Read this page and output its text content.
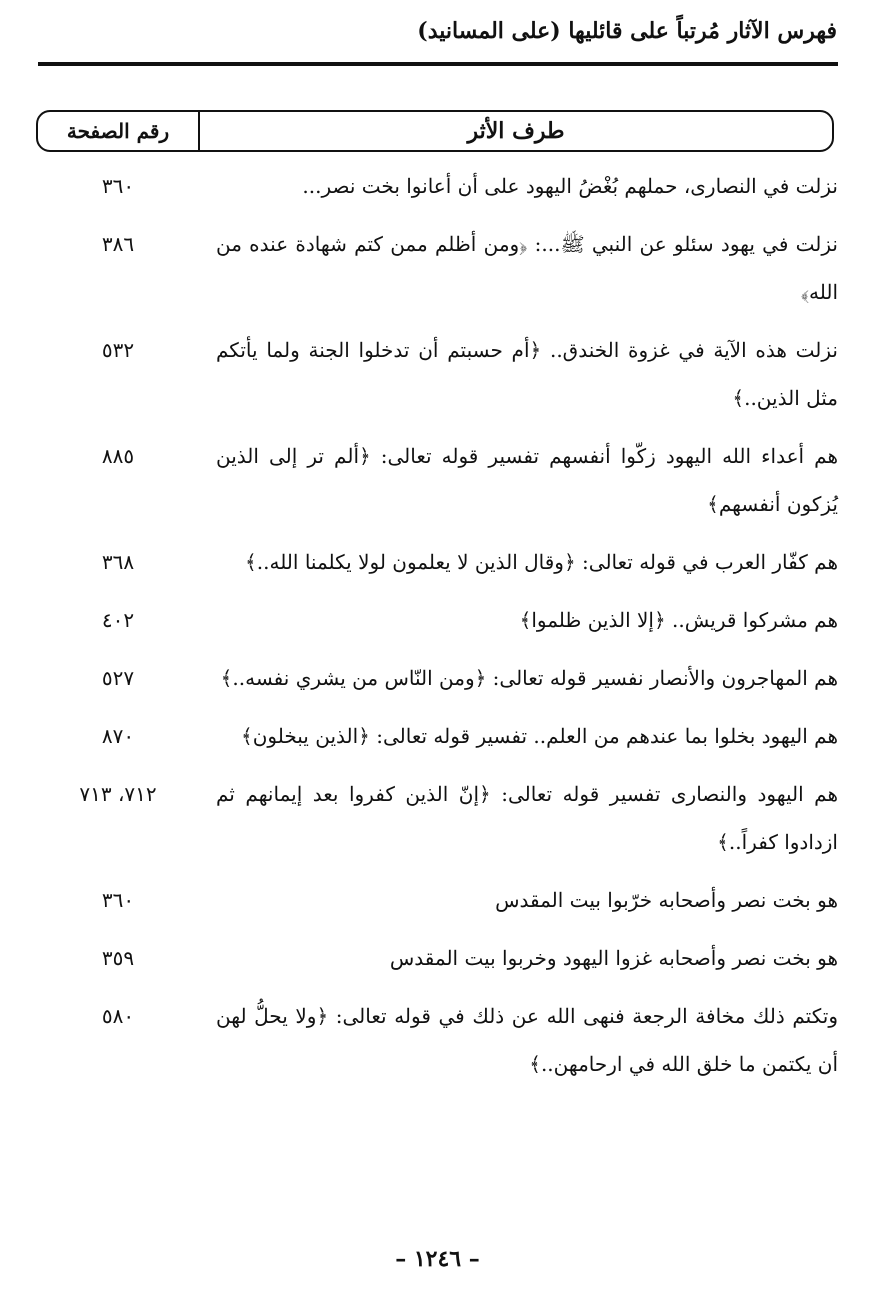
فهرس الآثار مُرتباً على قائليها (على المسانيد)
طرف الأثر
رقم الصفحة
نزلت في النصارى، حملهم بُغْضُ اليهود على أن أعانوا بخت نصر...
٣٦٠
نزلت في يهود سئلو عن النبي ﷺ...: ﴿ومن أظلم ممن كتم شهادة عنده من الله﴾
٣٨٦
نزلت هذه الآية في غزوة الخندق.. ﴿أم حسبتم أن تدخلوا الجنة ولما يأتكم مثل الذين..﴾
٥٣٢
هم أعداء الله اليهود زكّوا أنفسهم تفسير قوله تعالى: ﴿ألم تر إلى الذين يُزكون أنفسهم﴾
٨٨٥
هم كفّار العرب في قوله تعالى: ﴿وقال الذين لا يعلمون لولا يكلمنا الله..﴾
٣٦٨
هم مشركوا قريش.. ﴿إلا الذين ظلموا﴾
٤٠٢
هم المهاجرون والأنصار نفسير قوله تعالى: ﴿ومن النّاس من يشري نفسه..﴾
٥٢٧
هم اليهود بخلوا بما عندهم من العلم.. تفسير قوله تعالى: ﴿الذين يبخلون﴾
٨٧٠
هم اليهود والنصارى تفسير قوله تعالى: ﴿إنّ الذين كفروا بعد إيمانهم ثم ازدادوا كفراً..﴾
٧١٢، ٧١٣
هو بخت نصر وأصحابه خرّبوا بيت المقدس
٣٦٠
هو بخت نصر وأصحابه غزوا اليهود وخربوا بيت المقدس
٣٥٩
وتكتم ذلك مخافة الرجعة فنهى الله عن ذلك في قوله تعالى: ﴿ولا يحلُّ لهن أن يكتمن ما خلق الله في ارحامهن..﴾
٥٨٠
– ١٢٤٦ –
